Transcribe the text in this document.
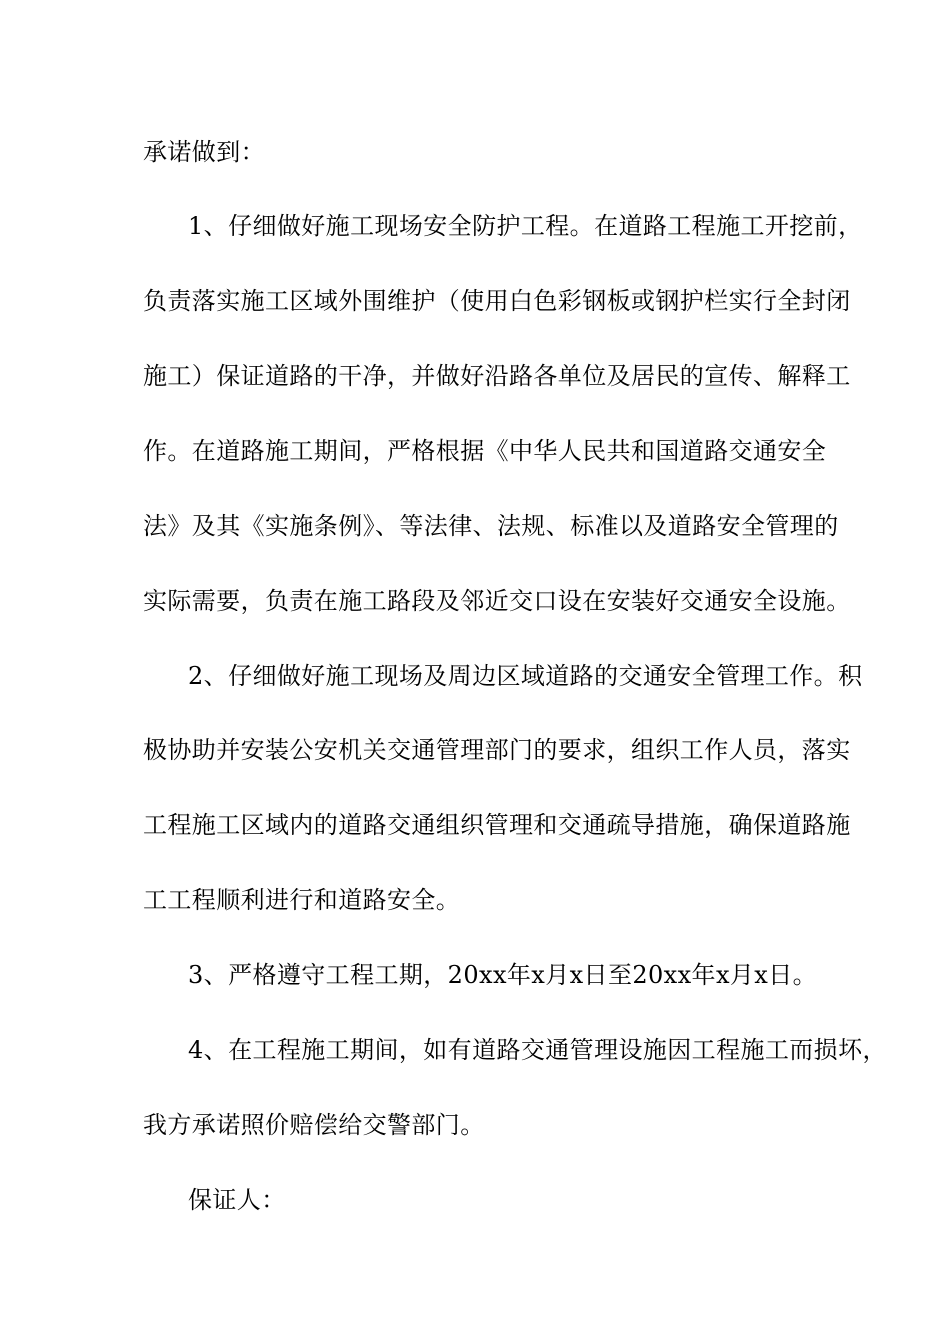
承诺做到：
1、仔细做好施工现场安全防护工程。在道路工程施工开挖前，
负责落实施工区域外围维护（使用白色彩钢板或钢护栏实行全封闭
施工）保证道路的干净，并做好沿路各单位及居民的宣传、解释工
作。在道路施工期间，严格根据《中华人民共和国道路交通安全
法》及其《实施条例》、等法律、法规、标准以及道路安全管理的
实际需要，负责在施工路段及邻近交口设在安装好交通安全设施。
2、仔细做好施工现场及周边区域道路的交通安全管理工作。积
极协助并安装公安机关交通管理部门的要求，组织工作人员，落实
工程施工区域内的道路交通组织管理和交通疏导措施，确保道路施
工工程顺利进行和道路安全。
3、严格遵守工程工期，20xx年x月x日至20xx年x月x日。
4、在工程施工期间，如有道路交通管理设施因工程施工而损坏，
我方承诺照价赔偿给交警部门。
保证人：
